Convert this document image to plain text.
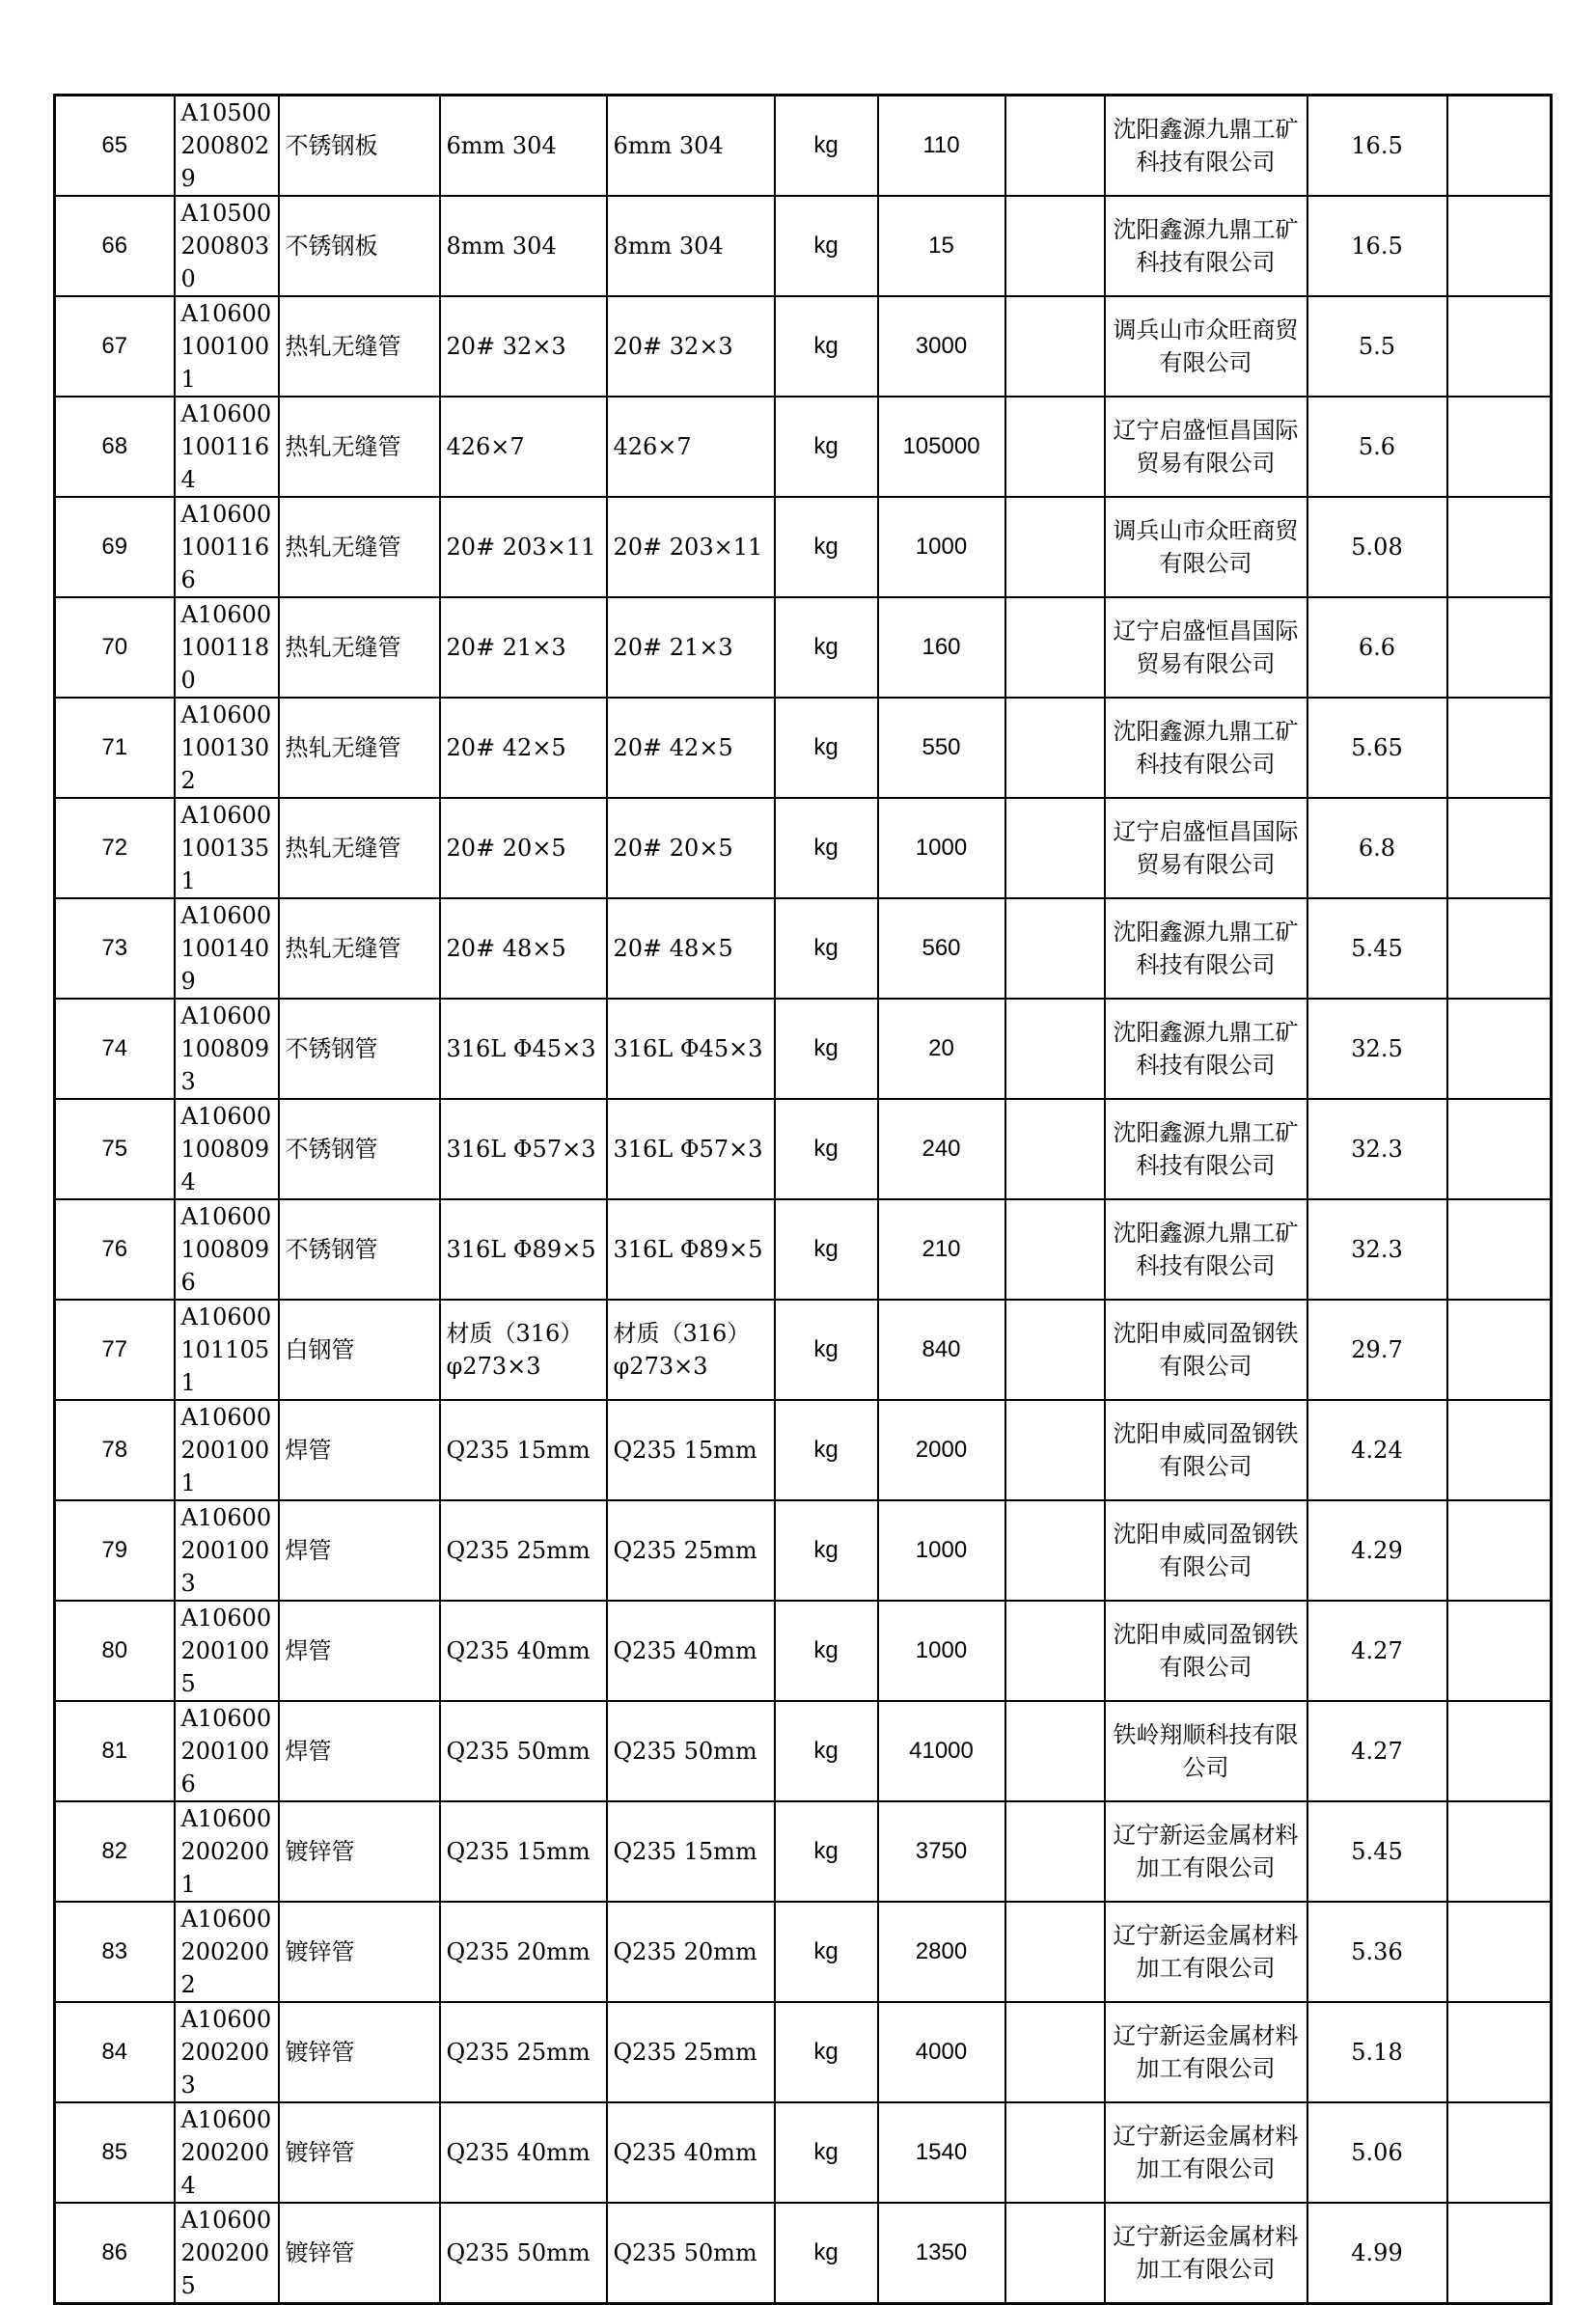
65	A105002008029	不锈钢板	6mm 304	6mm 304	kg	110		沈阳鑫源九鼎工矿科技有限公司	16.5	
66	A105002008030	不锈钢板	8mm 304	8mm 304	kg	15		沈阳鑫源九鼎工矿科技有限公司	16.5	
67	A106001001001	热轧无缝管	20# 32×3	20# 32×3	kg	3000		调兵山市众旺商贸有限公司	5.5	
68	A106001001164	热轧无缝管	426×7	426×7	kg	105000		辽宁启盛恒昌国际贸易有限公司	5.6	
69	A106001001166	热轧无缝管	20# 203×11	20# 203×11	kg	1000		调兵山市众旺商贸有限公司	5.08	
70	A106001001180	热轧无缝管	20# 21×3	20# 21×3	kg	160		辽宁启盛恒昌国际贸易有限公司	6.6	
71	A106001001302	热轧无缝管	20# 42×5	20# 42×5	kg	550		沈阳鑫源九鼎工矿科技有限公司	5.65	
72	A106001001351	热轧无缝管	20# 20×5	20# 20×5	kg	1000		辽宁启盛恒昌国际贸易有限公司	6.8	
73	A106001001409	热轧无缝管	20# 48×5	20# 48×5	kg	560		沈阳鑫源九鼎工矿科技有限公司	5.45	
74	A106001008093	不锈钢管	316L Φ45×3	316L Φ45×3	kg	20		沈阳鑫源九鼎工矿科技有限公司	32.5	
75	A106001008094	不锈钢管	316L Φ57×3	316L Φ57×3	kg	240		沈阳鑫源九鼎工矿科技有限公司	32.3	
76	A106001008096	不锈钢管	316L Φ89×5	316L Φ89×5	kg	210		沈阳鑫源九鼎工矿科技有限公司	32.3	
77	A106001011051	白钢管	材质（316）φ273×3	材质（316）φ273×3	kg	840		沈阳申威同盈钢铁有限公司	29.7	
78	A106002001001	焊管	Q235 15mm	Q235 15mm	kg	2000		沈阳申威同盈钢铁有限公司	4.24	
79	A106002001003	焊管	Q235 25mm	Q235 25mm	kg	1000		沈阳申威同盈钢铁有限公司	4.29	
80	A106002001005	焊管	Q235 40mm	Q235 40mm	kg	1000		沈阳申威同盈钢铁有限公司	4.27	
81	A106002001006	焊管	Q235 50mm	Q235 50mm	kg	41000		铁岭翔顺科技有限公司	4.27	
82	A106002002001	镀锌管	Q235 15mm	Q235 15mm	kg	3750		辽宁新运金属材料加工有限公司	5.45	
83	A106002002002	镀锌管	Q235 20mm	Q235 20mm	kg	2800		辽宁新运金属材料加工有限公司	5.36	
84	A106002002003	镀锌管	Q235 25mm	Q235 25mm	kg	4000		辽宁新运金属材料加工有限公司	5.18	
85	A106002002004	镀锌管	Q235 40mm	Q235 40mm	kg	1540		辽宁新运金属材料加工有限公司	5.06	
86	A106002002005	镀锌管	Q235 50mm	Q235 50mm	kg	1350		辽宁新运金属材料加工有限公司	4.99	
